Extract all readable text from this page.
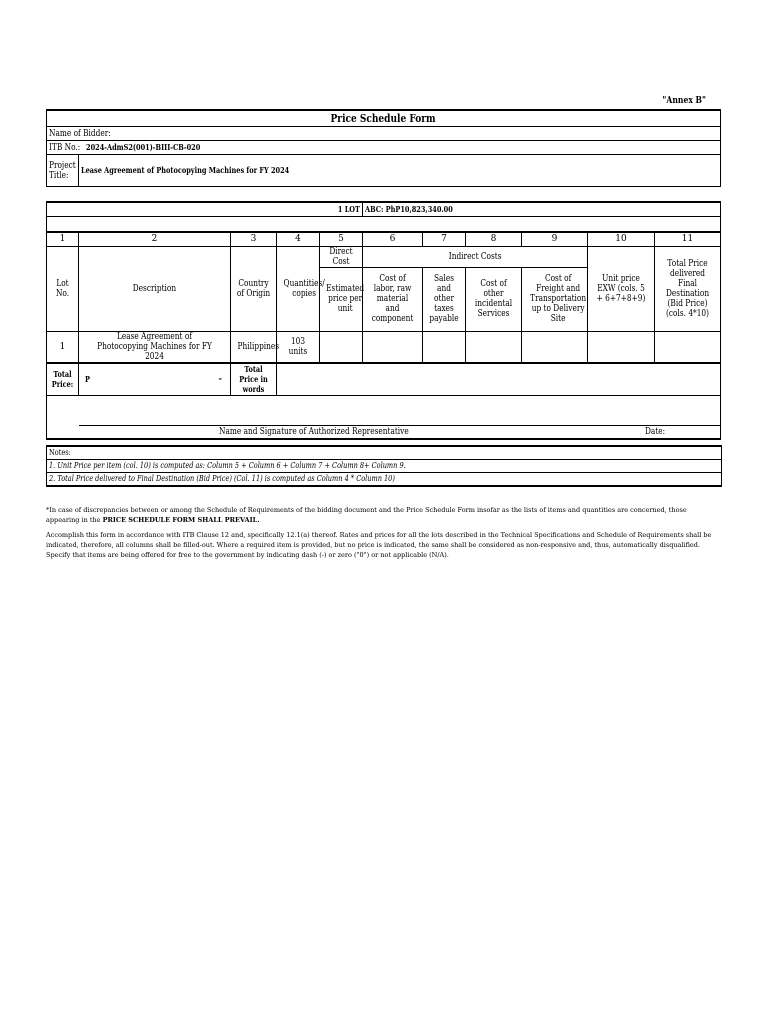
"Annex B"
Price Schedule Form										
Name of Bidder:										
ITB No.: 2024-AdmS2(001)-BIII-CB-020										
Project Title:	Lease Agreement of Photocopying Machines for FY 2024									

1 LOT					ABC: PhP10,823,340.00					

1	2	3	4	5	6	7	8	9	10	11
Lot No.	Description	Country of Origin	Quantities/ copies	Direct Cost	Indirect Costs				Unit price EXW (cols. 5 + 6+7+8+9)	Total Price delivered Final Destination (Bid Price) (cols. 4*10)
				Estimated price per unit	Cost of labor, raw material and component	Sales and other taxes payable	Cost of other incidental Services	Cost of Freight and Transportation up to Delivery Site		
1	Lease Agreement of Photocopying Machines for FY 2024	Philippines	103 units							
Total Price:	P -	Total Price in words								

Name and Signature of Authorized Representative Date:										
Notes:
1. Unit Price per item (col. 10) is computed as: Column 5 + Column 6 + Column 7 + Column 8+ Column 9.
2. Total Price delivered to Final Destination (Bid Price) (Col. 11) is computed as Column 4 * Column 10)
*In case of discrepancies between or among the Schedule of Requirements of the bidding document and the Price Schedule Form insofar as the lists of items and quantities are concerned, those appearing in the PRICE SCHEDULE FORM SHALL PREVAIL.
Accomplish this form in accordance with ITB Clause 12 and, specifically 12.1(a) thereof. Rates and prices for all the lots described in the Technical Specifications and Schedule of Requirements shall be indicated, therefore, all columns shall be filled-out. Where a required item is provided, but no price is indicated, the same shall be considered as non-responsive and, thus, automatically disqualified. Specify that items are being offered for free to the government by indicating dash (-) or zero ("0") or not applicable (N/A).
